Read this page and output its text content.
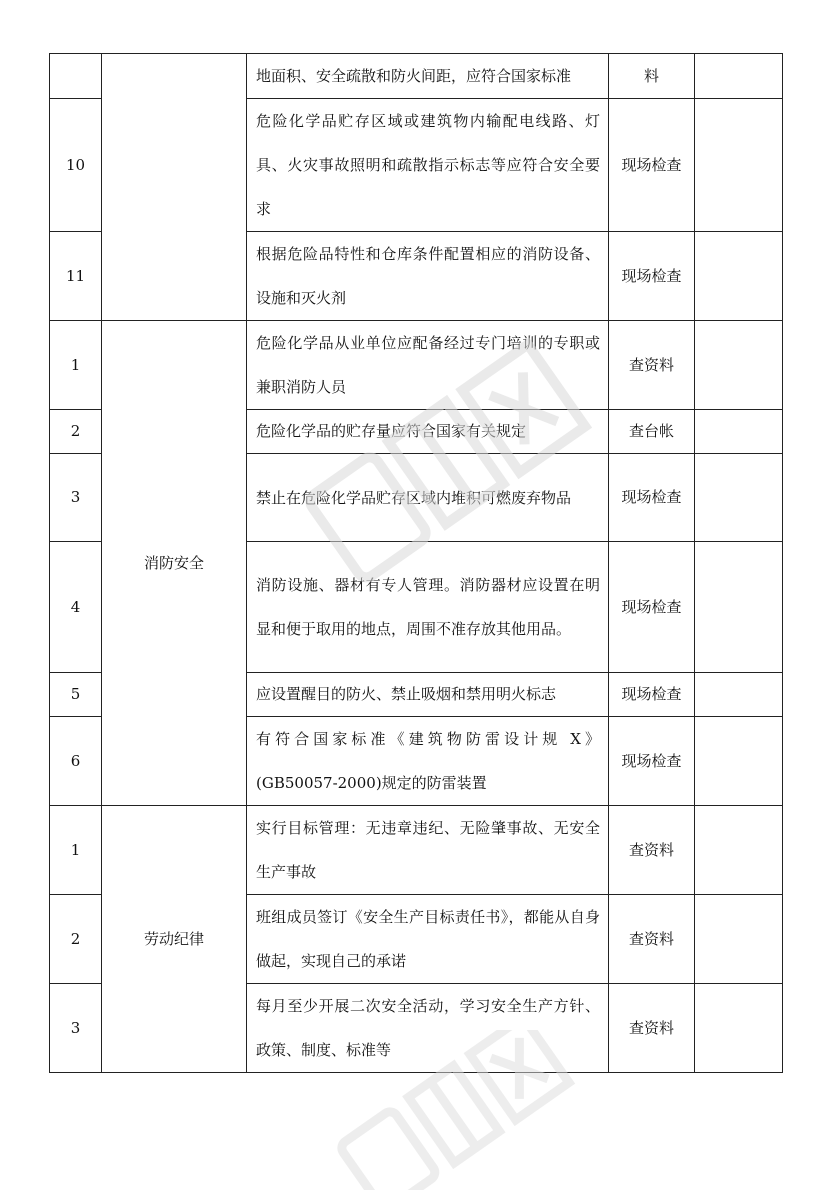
		地面积、安全疏散和防火间距，应符合国家标准	料	
10		危险化学品贮存区域或建筑物内输配电线路、灯具、火灾事故照明和疏散指示标志等应符合安全要求	现场检查	
11		根据危险品特性和仓库条件配置相应的消防设备、设施和灭火剂	现场检查	
1	消防安全	危险化学品从业单位应配备经过专门培训的专职或兼职消防人员	查资料	
2		危险化学品的贮存量应符合国家有关规定	查台帐	
3		禁止在危险化学品贮存区域内堆积可燃废弃物品	现场检查	
4		消防设施、器材有专人管理。消防器材应设置在明显和便于取用的地点，周围不准存放其他用品。	现场检查	
5		应设置醒目的防火、禁止吸烟和禁用明火标志	现场检查	
6		有符合国家标准《建筑物防雷设计规 X》(GB50057-2000)规定的防雷装置	现场检查	
1	劳动纪律	实行目标管理：无违章违纪、无险肇事故、无安全生产事故	查资料	
2		班组成员签订《安全生产目标责任书》，都能从自身做起，实现自己的承诺	查资料	
3		每月至少开展二次安全活动，学习安全生产方针、政策、制度、标准等	查资料	
